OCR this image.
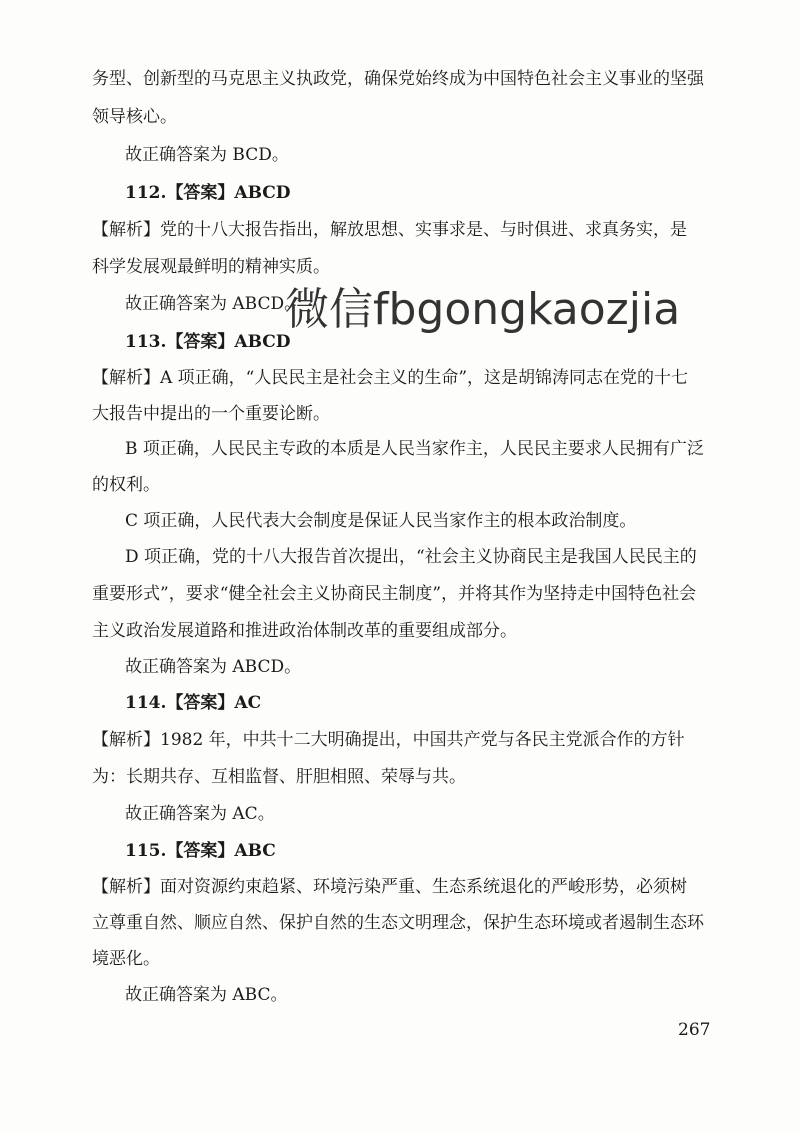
务型、创新型的马克思主义执政党，确保党始终成为中国特色社会主义事业的坚强
领导核心。
故正确答案为 BCD。
112.【答案】ABCD
【解析】党的十八大报告指出，解放思想、实事求是、与时俱进、求真务实，是
科学发展观最鲜明的精神实质。
故正确答案为 ABCD。
113.【答案】ABCD
【解析】A 项正确，“人民民主是社会主义的生命”，这是胡锦涛同志在党的十七
大报告中提出的一个重要论断。
B 项正确，人民民主专政的本质是人民当家作主，人民民主要求人民拥有广泛
的权利。
C 项正确，人民代表大会制度是保证人民当家作主的根本政治制度。
D 项正确，党的十八大报告首次提出，“社会主义协商民主是我国人民民主的
重要形式”，要求“健全社会主义协商民主制度”，并将其作为坚持走中国特色社会
主义政治发展道路和推进政治体制改革的重要组成部分。
故正确答案为 ABCD。
114.【答案】AC
【解析】1982 年，中共十二大明确提出，中国共产党与各民主党派合作的方针
为：长期共存、互相监督、肝胆相照、荣辱与共。
故正确答案为 AC。
115.【答案】ABC
【解析】面对资源约束趋紧、环境污染严重、生态系统退化的严峻形势，必须树
立尊重自然、顺应自然、保护自然的生态文明理念，保护生态环境或者遏制生态环
境恶化。
故正确答案为 ABC。
微信fbgongkaozjia
267
